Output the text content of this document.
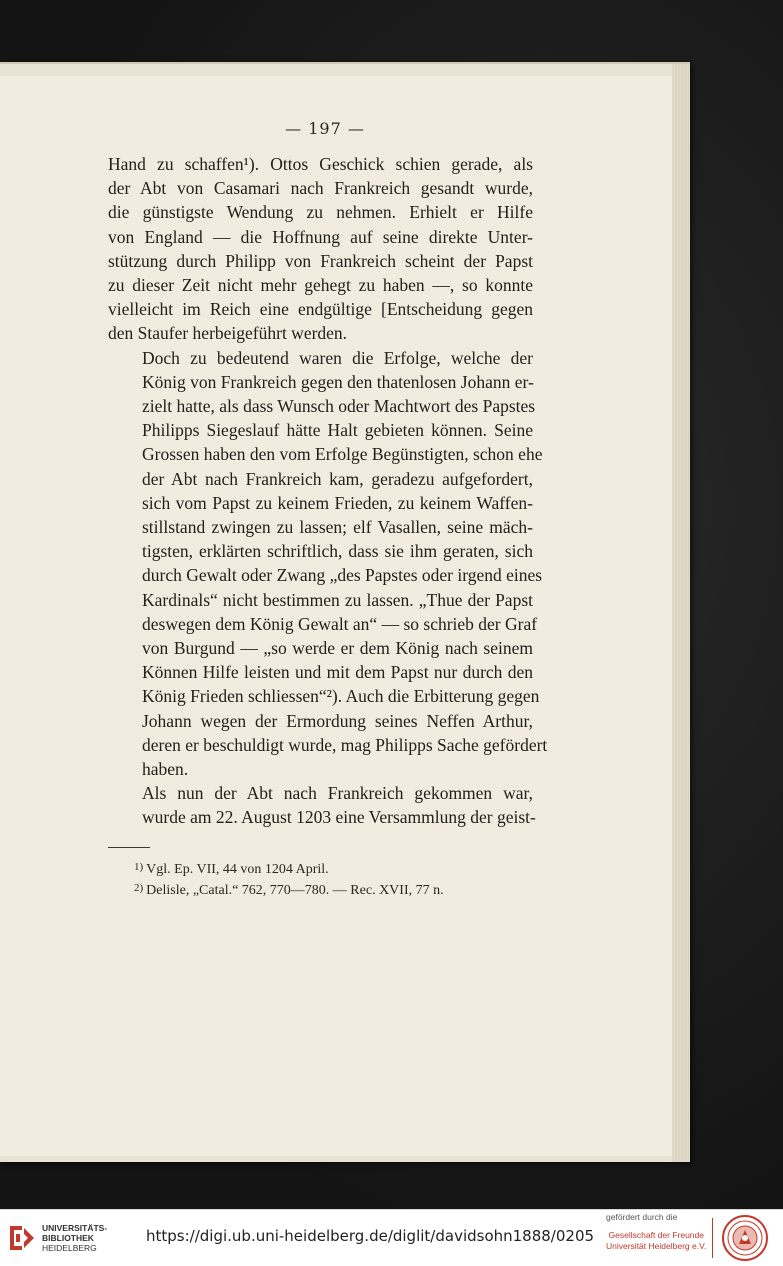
— 197 —

Hand zu schaffen¹). Ottos Geschick schien gerade, als
der Abt von Casamari nach Frankreich gesandt wurde,
die günstigste Wendung zu nehmen. Erhielt er Hilfe
von England — die Hoffnung auf seine direkte Unter-
stützung durch Philipp von Frankreich scheint der Papst
zu dieser Zeit nicht mehr gehegt zu haben —, so konnte
vielleicht im Reich eine endgültige [Entscheidung gegen
den Staufer herbeigeführt werden.

Doch zu bedeutend waren die Erfolge, welche der
König von Frankreich gegen den thatenlosen Johann er-
zielt hatte, als dass Wunsch oder Machtwort des Papstes
Philipps Siegeslauf hätte Halt gebieten können. Seine
Grossen haben den vom Erfolge Begünstigten, schon ehe
der Abt nach Frankreich kam, geradezu aufgefordert,
sich vom Papst zu keinem Frieden, zu keinem Waffen-
stillstand zwingen zu lassen; elf Vasallen, seine mäch-
tigsten, erklärten schriftlich, dass sie ihm geraten, sich
durch Gewalt oder Zwang „des Papstes oder irgend eines
Kardinals“ nicht bestimmen zu lassen. „Thue der Papst
deswegen dem König Gewalt an“ — so schrieb der Graf
von Burgund — „so werde er dem König nach seinem
Können Hilfe leisten und mit dem Papst nur durch den
König Frieden schliessen“²). Auch die Erbitterung gegen
Johann wegen der Ermordung seines Neffen Arthur,
deren er beschuldigt wurde, mag Philipps Sache gefördert
haben.

Als nun der Abt nach Frankreich gekommen war,
wurde am 22. August 1203 eine Versammlung der geist-

$^{1)}$ Vgl. Ep. VII, 44 von 1204 April.
$^{2)}$ Delisle, „Catal.“ 762, 770—780. — Rec. XVII, 77 n.
UNIVERSITÄTS-
BIBLIOTHEK
HEIDELBERG
https://digi.ub.uni-heidelberg.de/diglit/davidsohn1888/0205
gefördert durch die
Gesellschaft der Freunde
Universität Heidelberg e.V.
